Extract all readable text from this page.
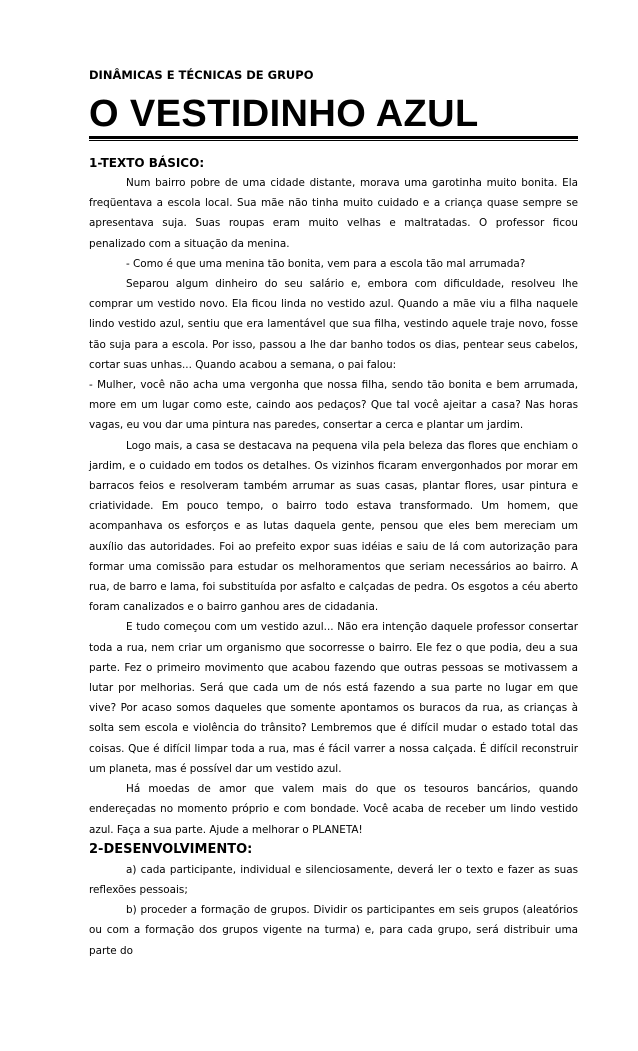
DINÂMICAS E TÉCNICAS DE GRUPO

O VESTIDINHO AZUL
1-TEXTO BÁSICO:

Num bairro pobre de uma cidade distante, morava uma garotinha muito bonita. Ela freqüentava a escola local. Sua mãe não tinha muito cuidado e a criança quase sempre se apresentava suja. Suas roupas eram muito velhas e maltratadas. O professor ficou penalizado com a situação da menina.

- Como é que uma menina tão bonita, vem para a escola tão mal arrumada?

Separou algum dinheiro do seu salário e, embora com dificuldade, resolveu lhe comprar um vestido novo. Ela ficou linda no vestido azul. Quando a mãe viu a filha naquele lindo vestido azul, sentiu que era lamentável que sua filha, vestindo aquele traje novo, fosse tão suja para a escola. Por isso, passou a lhe dar banho todos os dias, pentear seus cabelos, cortar suas unhas... Quando acabou a semana, o pai falou:

- Mulher, você não acha uma vergonha que nossa filha, sendo tão bonita e bem arrumada, more em um lugar como este, caindo aos pedaços? Que tal você ajeitar a casa? Nas horas vagas, eu vou dar uma pintura nas paredes, consertar a cerca e plantar um jardim.

Logo mais, a casa se destacava na pequena vila pela beleza das flores que enchiam o jardim, e o cuidado em todos os detalhes. Os vizinhos ficaram envergonhados por morar em barracos feios e resolveram também arrumar as suas casas, plantar flores, usar pintura e criatividade. Em pouco tempo, o bairro todo estava transformado. Um homem, que acompanhava os esforços e as lutas daquela gente, pensou que eles bem mereciam um auxílio das autoridades. Foi ao prefeito expor suas idéias e saiu de lá com autorização para formar uma comissão para estudar os melhoramentos que seriam necessários ao bairro. A rua, de barro e lama, foi substituída por asfalto e calçadas de pedra. Os esgotos a céu aberto foram canalizados e o bairro ganhou ares de cidadania.

E tudo começou com um vestido azul... Não era intenção daquele professor consertar toda a rua, nem criar um organismo que socorresse o bairro. Ele fez o que podia, deu a sua parte. Fez o primeiro movimento que acabou fazendo que outras pessoas se motivassem a lutar por melhorias. Será que cada um de nós está fazendo a sua parte no lugar em que vive? Por acaso somos daqueles que somente apontamos os buracos da rua, as crianças à solta sem escola e violência do trânsito? Lembremos que é difícil mudar o estado total das coisas. Que é difícil limpar toda a rua, mas é fácil varrer a nossa calçada. É difícil reconstruir um planeta, mas é possível dar um vestido azul.

Há moedas de amor que valem mais do que os tesouros bancários, quando endereçadas no momento próprio e com bondade. Você acaba de receber um lindo vestido azul. Faça a sua parte. Ajude a melhorar o PLANETA!

2-DESENVOLVIMENTO:

a) cada participante, individual e silenciosamente, deverá ler o texto e fazer as suas reflexões pessoais;

b) proceder a formação de grupos. Dividir os participantes em seis grupos (aleatórios ou com a formação dos grupos vigente na turma) e, para cada grupo, será distribuir uma parte do
